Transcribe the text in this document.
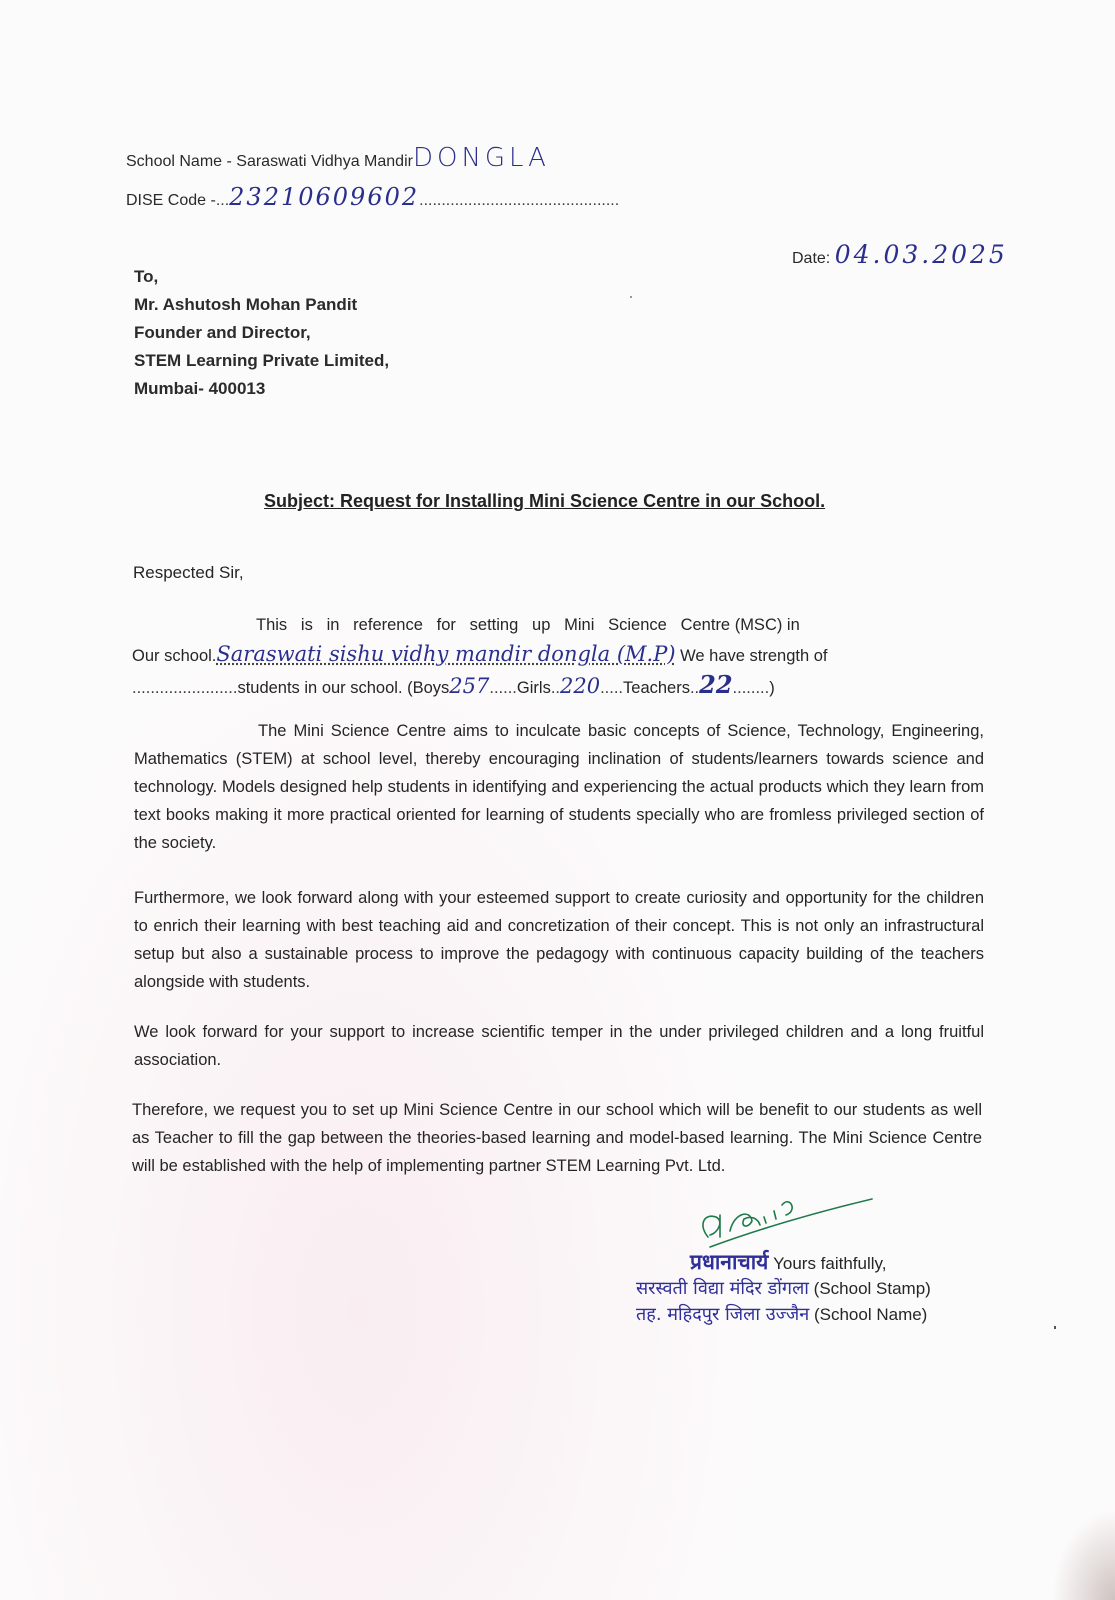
School Name - Saraswati Vidhya MandirDONGLA
DISE Code -...23210609602.............................................
Date: 04.03.2025
To,
Mr. Ashutosh Mohan Pandit
Founder and Director,
STEM Learning Private Limited,
Mumbai- 400013
Subject: Request for Installing Mini Science Centre in our School.
Respected Sir,
This   is   in   reference   for   setting   up   Mini   Science   Centre (MSC) in
Our school.Saraswati sishu vidhy mandir dongla (M.P) We have strength of
.......................students in our school. (Boys257......Girls..220.....Teachers..22........)
The Mini Science Centre aims to inculcate basic concepts of Science, Technology, Engineering, Mathematics (STEM) at school level, thereby encouraging inclination of students/learners towards science and technology. Models designed help students in identifying and experiencing the actual products which they learn from text books making it more practical oriented for learning of students specially who are fromless privileged section of the society.
Furthermore, we look forward along with your esteemed support to create curiosity and opportunity for the children to enrich their learning with best teaching aid and concretization of their concept. This is not only an infrastructural setup but also a sustainable process to improve the pedagogy with continuous capacity building of the teachers alongside with students.
We look forward for your support to increase scientific temper in the under privileged children and a long fruitful association.
Therefore, we request you to set up Mini Science Centre in our school which will be benefit to our students as well as Teacher to fill the gap between the theories-based learning and model-based learning. The Mini Science Centre will be established with the help of implementing partner STEM Learning Pvt. Ltd.
प्रधानाचार्य Yours faithfully,
सरस्वती विद्या मंदिर डोंगला (School Stamp)
तह. महिदपुर जिला उज्जैन (School Name)
